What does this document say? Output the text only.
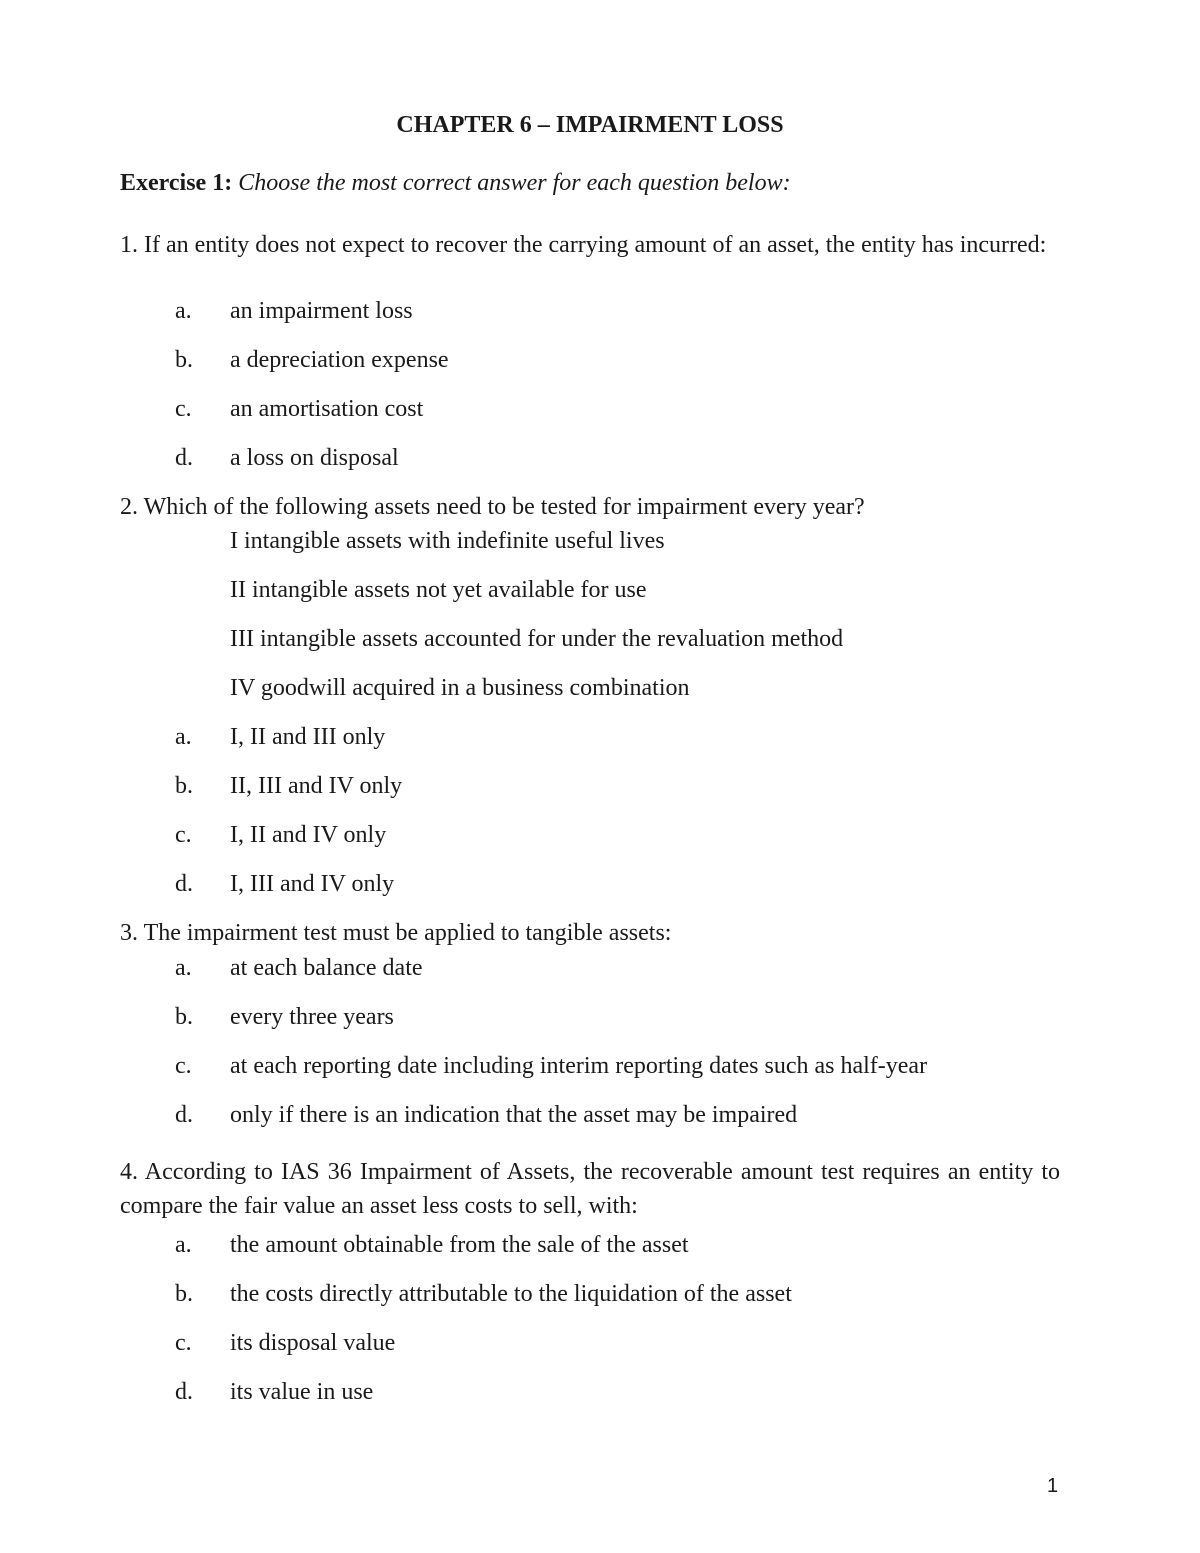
CHAPTER 6 – IMPAIRMENT LOSS
Exercise 1: Choose the most correct answer for each question below:

1. If an entity does not expect to recover the carrying amount of an asset, the entity has incurred:

a. an impairment loss
b. a depreciation expense
c. an amortisation cost
d. a loss on disposal

2. Which of the following assets need to be tested for impairment every year?

I intangible assets with indefinite useful lives
II intangible assets not yet available for use
III intangible assets accounted for under the revaluation method
IV goodwill acquired in a business combination
a. I, II and III only
b. II, III and IV only
c. I, II and IV only
d. I, III and IV only

3. The impairment test must be applied to tangible assets:

a. at each balance date
b. every three years
c. at each reporting date including interim reporting dates such as half-year
d. only if there is an indication that the asset may be impaired

4. According to IAS 36 Impairment of Assets, the recoverable amount test requires an entity to compare the fair value an asset less costs to sell, with:

a. the amount obtainable from the sale of the asset
b. the costs directly attributable to the liquidation of the asset
c. its disposal value
d. its value in use
1
